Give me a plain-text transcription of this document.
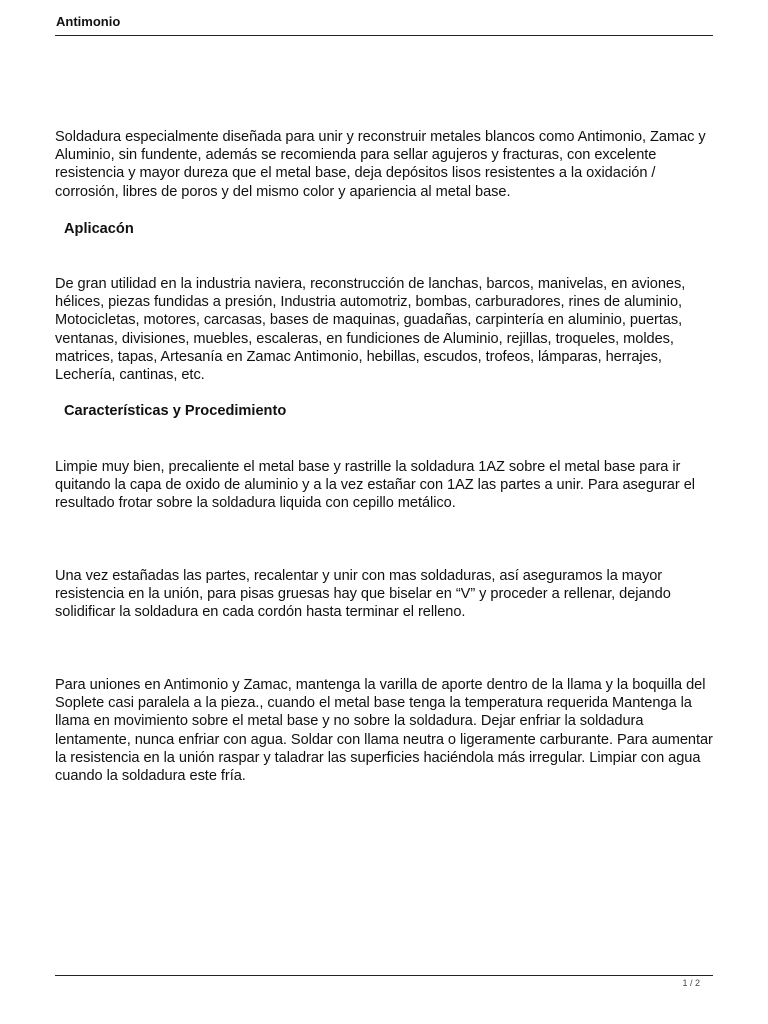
Antimonio

Soldadura especialmente diseñada para unir y reconstruir metales blancos como Antimonio, Zamac y Aluminio, sin fundente, además se recomienda para sellar agujeros y fracturas, con excelente resistencia y mayor dureza que el metal base, deja depósitos lisos resistentes a la oxidación / corrosión, libres de poros y del mismo color y apariencia al metal base.

Aplicacón

De gran utilidad en la industria naviera, reconstrucción de lanchas, barcos, manivelas, en aviones, hélices, piezas fundidas a presión, Industria automotriz, bombas, carburadores, rines de aluminio, Motocicletas, motores, carcasas, bases de maquinas, guadañas, carpintería en aluminio, puertas, ventanas, divisiones, muebles, escaleras, en fundiciones de Aluminio, rejillas, troqueles, moldes, matrices, tapas, Artesanía en Zamac Antimonio, hebillas, escudos, trofeos, lámparas, herrajes, Lechería, cantinas, etc.

Características y Procedimiento

Limpie muy bien, precaliente el metal base y rastrille la soldadura 1AZ sobre el metal base para ir quitando la capa de oxido de aluminio y a la vez estañar con 1AZ las partes a unir. Para asegurar el resultado frotar sobre la soldadura liquida con cepillo metálico.

Una vez estañadas las partes, recalentar y unir con mas soldaduras, así aseguramos la mayor resistencia en la unión, para pisas gruesas hay que biselar en “V” y proceder a rellenar, dejando solidificar la soldadura en cada cordón hasta terminar el relleno.

Para uniones en Antimonio y Zamac, mantenga la varilla de aporte dentro de la llama y la boquilla del Soplete casi paralela a la pieza., cuando el metal base tenga la temperatura requerida Mantenga la llama en movimiento sobre el metal base y no sobre la soldadura. Dejar enfriar la soldadura lentamente, nunca enfriar con agua. Soldar con llama neutra o ligeramente carburante. Para aumentar la resistencia en la unión raspar y taladrar las superficies haciéndola más irregular. Limpiar con agua cuando la soldadura este fría.

1 / 2
